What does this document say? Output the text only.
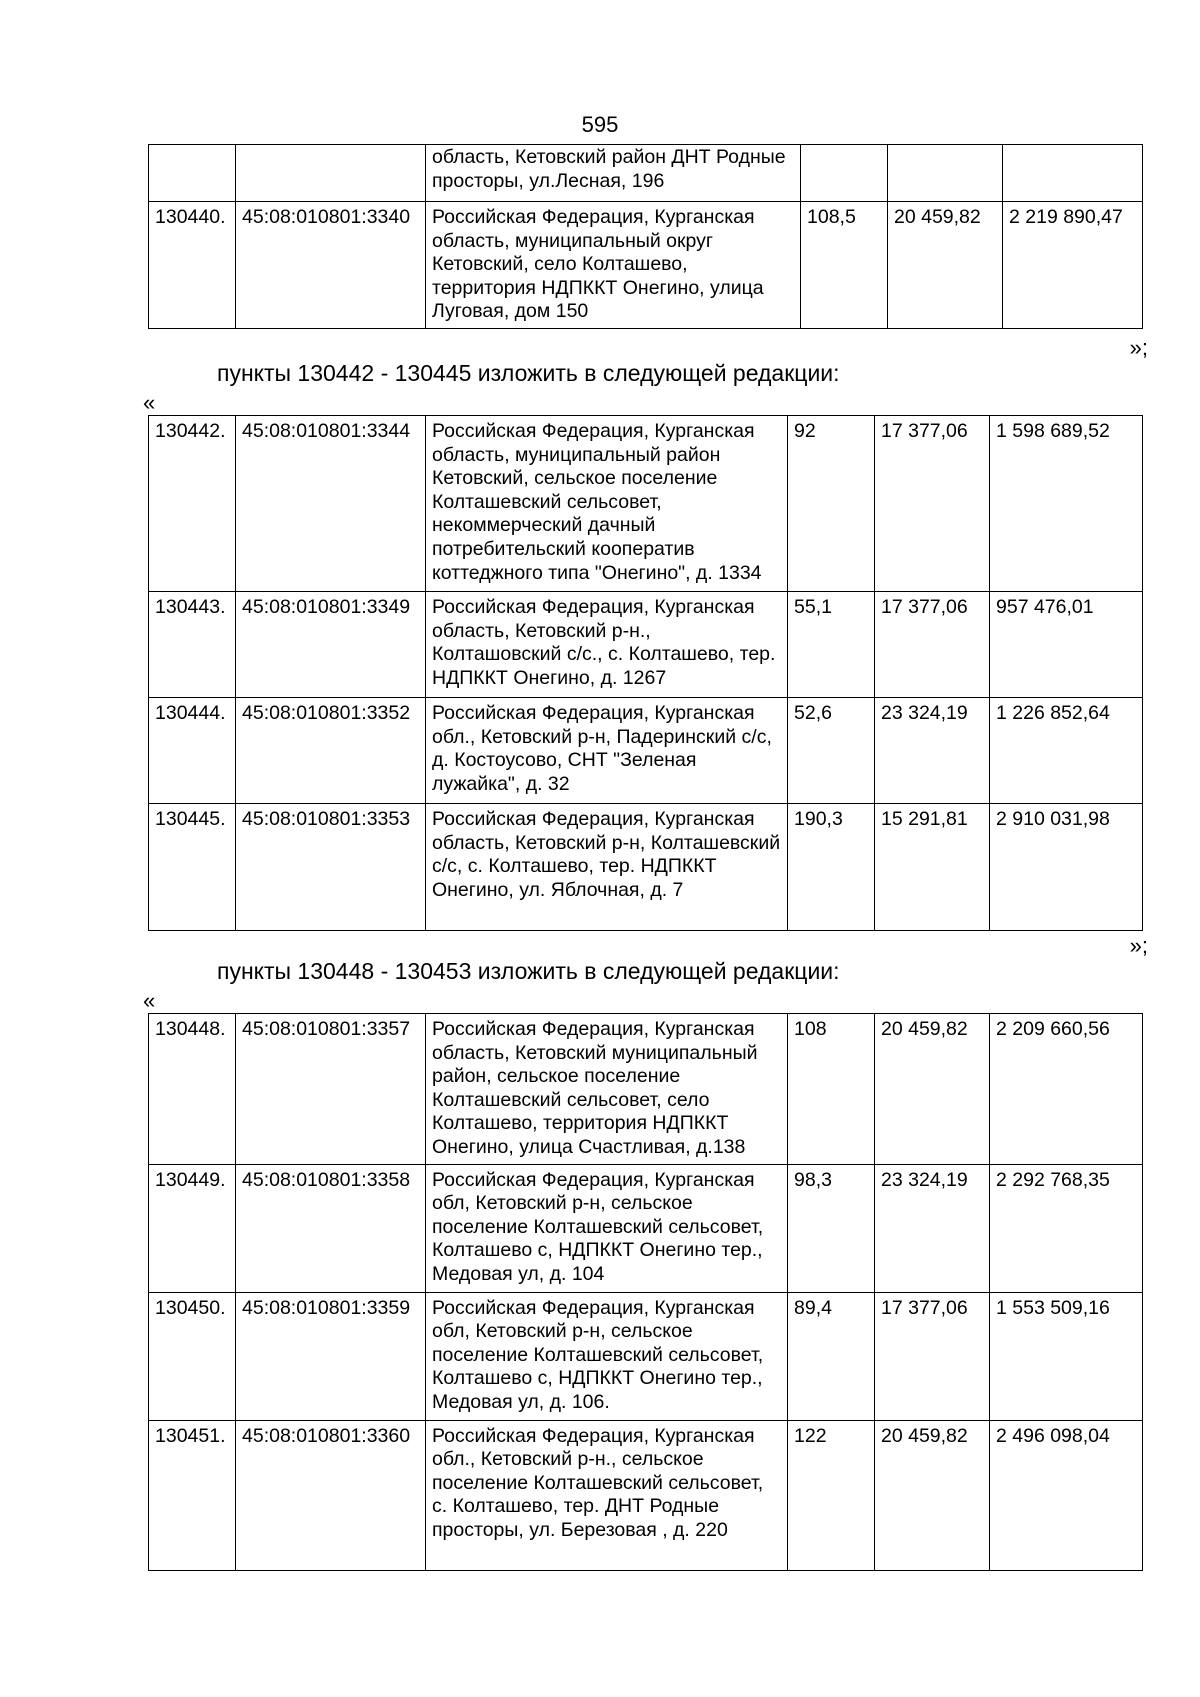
595
		область, Кетовский район ДНТ Родные просторы, ул.Лесная, 196			
130440.	45:08:010801:3340	Российская Федерация, Курганская область, муниципальный округ Кетовский, село Колташево, территория НДПККТ Онегино, улица Луговая, дом 150	108,5	20 459,82	2 219 890,47
»;
пункты 130442 - 130445 изложить в следующей редакции:
«
130442.	45:08:010801:3344	Российская Федерация, Курганская область, муниципальный район Кетовский, сельское поселение Колташевский сельсовет, некоммерческий дачный потребительский кооператив коттеджного типа "Онегино", д. 1334	92	17 377,06	1 598 689,52
130443.	45:08:010801:3349	Российская Федерация, Курганская область, Кетовский р-н., Колташовский с/с., с. Колташево, тер. НДПККТ Онегино, д. 1267	55,1	17 377,06	957 476,01
130444.	45:08:010801:3352	Российская Федерация, Курганская обл., Кетовский р-н, Падеринский с/с, д. Костоусово, СНТ "Зеленая лужайка", д. 32	52,6	23 324,19	1 226 852,64
130445.	45:08:010801:3353	Российская Федерация, Курганская область, Кетовский р-н, Колташевский с/с, с. Колташево, тер. НДПККТ Онегино, ул. Яблочная, д. 7	190,3	15 291,81	2 910 031,98
»;
пункты 130448 - 130453 изложить в следующей редакции:
«
130448.	45:08:010801:3357	Российская Федерация, Курганская область, Кетовский муниципальный район, сельское поселение Колташевский сельсовет, село Колташево, территория НДПККТ Онегино, улица Счастливая, д.138	108	20 459,82	2 209 660,56
130449.	45:08:010801:3358	Российская Федерация, Курганская обл, Кетовский р-н, сельское поселение Колташевский сельсовет, Колташево с, НДПККТ Онегино тер., Медовая ул, д. 104	98,3	23 324,19	2 292 768,35
130450.	45:08:010801:3359	Российская Федерация, Курганская обл, Кетовский р-н, сельское поселение Колташевский сельсовет, Колташево с, НДПККТ Онегино тер., Медовая ул, д. 106.	89,4	17 377,06	1 553 509,16
130451.	45:08:010801:3360	Российская Федерация, Курганская обл., Кетовский р-н., сельское поселение Колташевский сельсовет, с. Колташево, тер. ДНТ Родные просторы, ул. Березовая , д. 220	122	20 459,82	2 496 098,04
